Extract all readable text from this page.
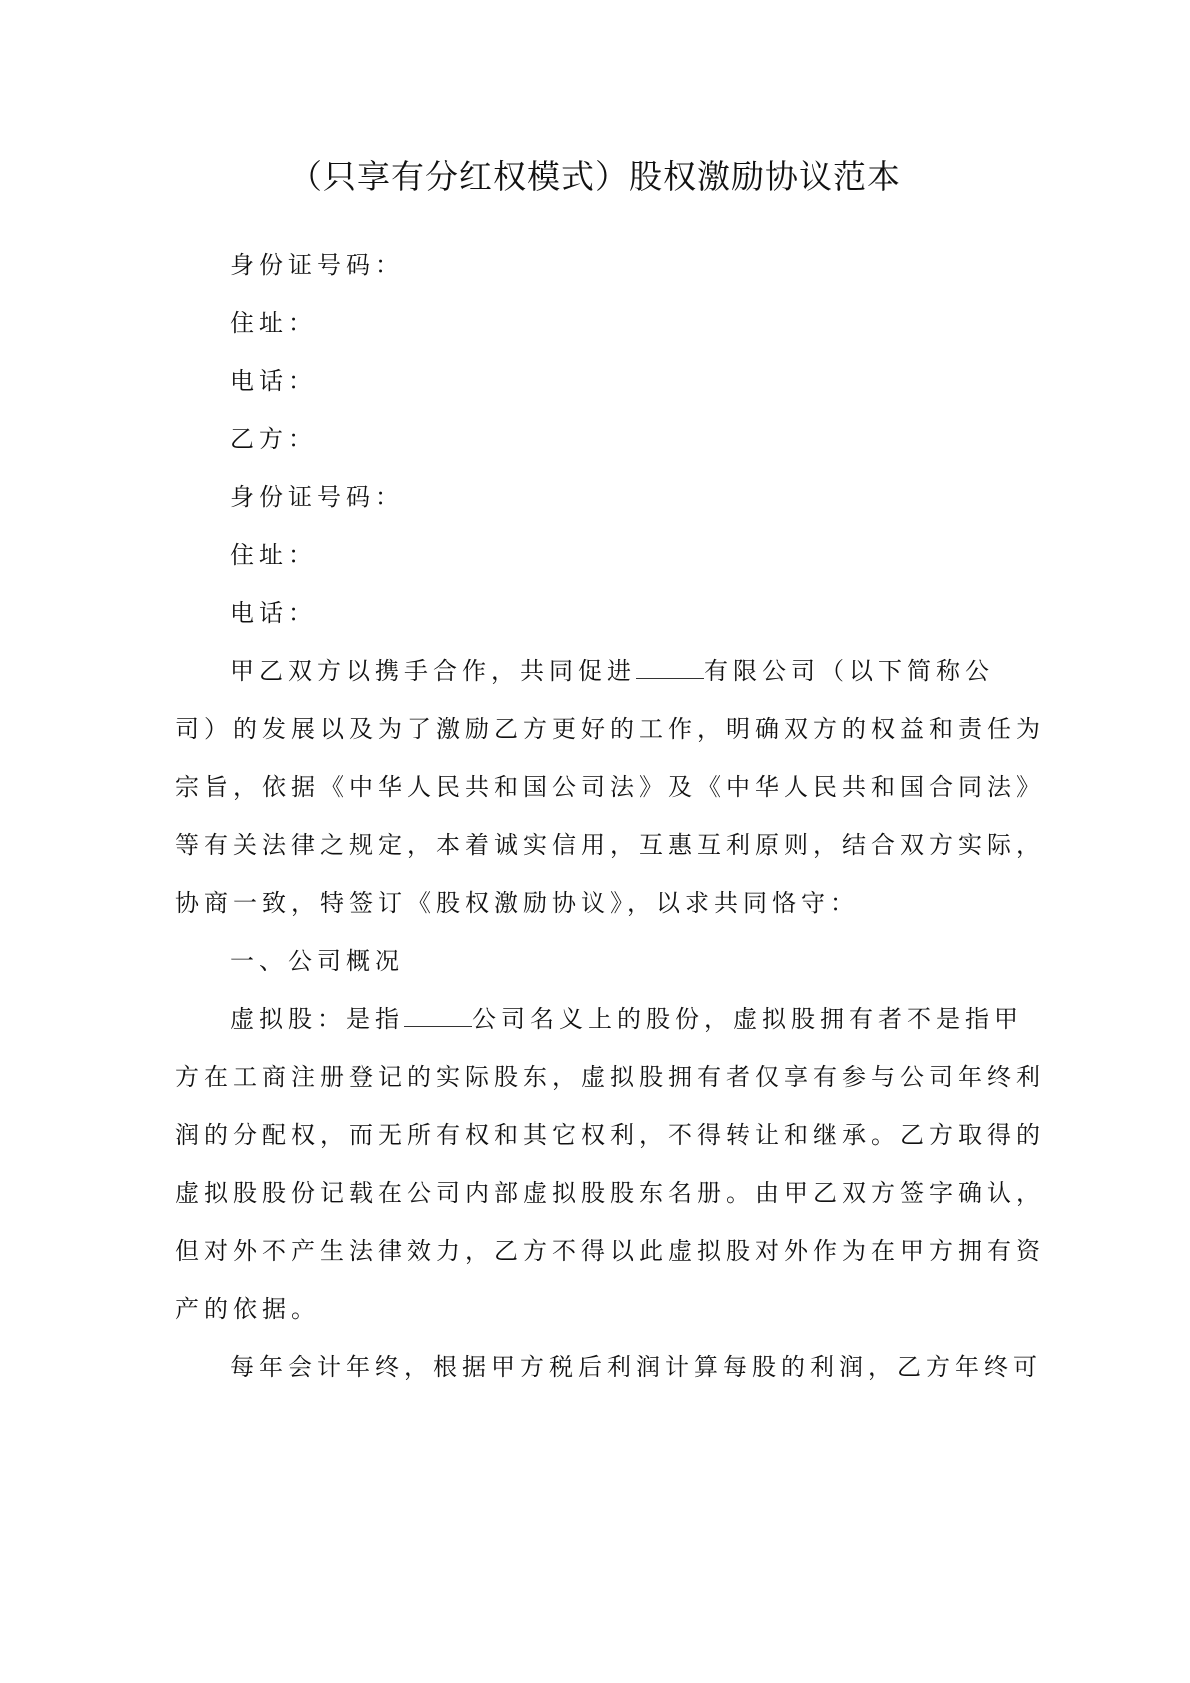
（只享有分红权模式）股权激励协议范本
身份证号码：
住址：
电话：
乙方：
身份证号码：
住址：
电话：
甲乙双方以携手合作，共同促进	有限公司（以下简称公
司）的发展以及为了激励乙方更好的工作，明确双方的权益和责任为
宗旨，依据《中华人民共和国公司法》及《中华人民共和国合同法》
等有关法律之规定，本着诚实信用，互惠互利原则，结合双方实际，
协商一致，特签订《股权激励协议》，以求共同恪守：
一、公司概况
虚拟股：是指	公司名义上的股份，虚拟股拥有者不是指甲
方在工商注册登记的实际股东，虚拟股拥有者仅享有参与公司年终利
润的分配权，而无所有权和其它权利，不得转让和继承。乙方取得的
虚拟股股份记载在公司内部虚拟股股东名册。由甲乙双方签字确认，
但对外不产生法律效力，乙方不得以此虚拟股对外作为在甲方拥有资
产的依据。
每年会计年终，根据甲方税后利润计算每股的利润，乙方年终可
